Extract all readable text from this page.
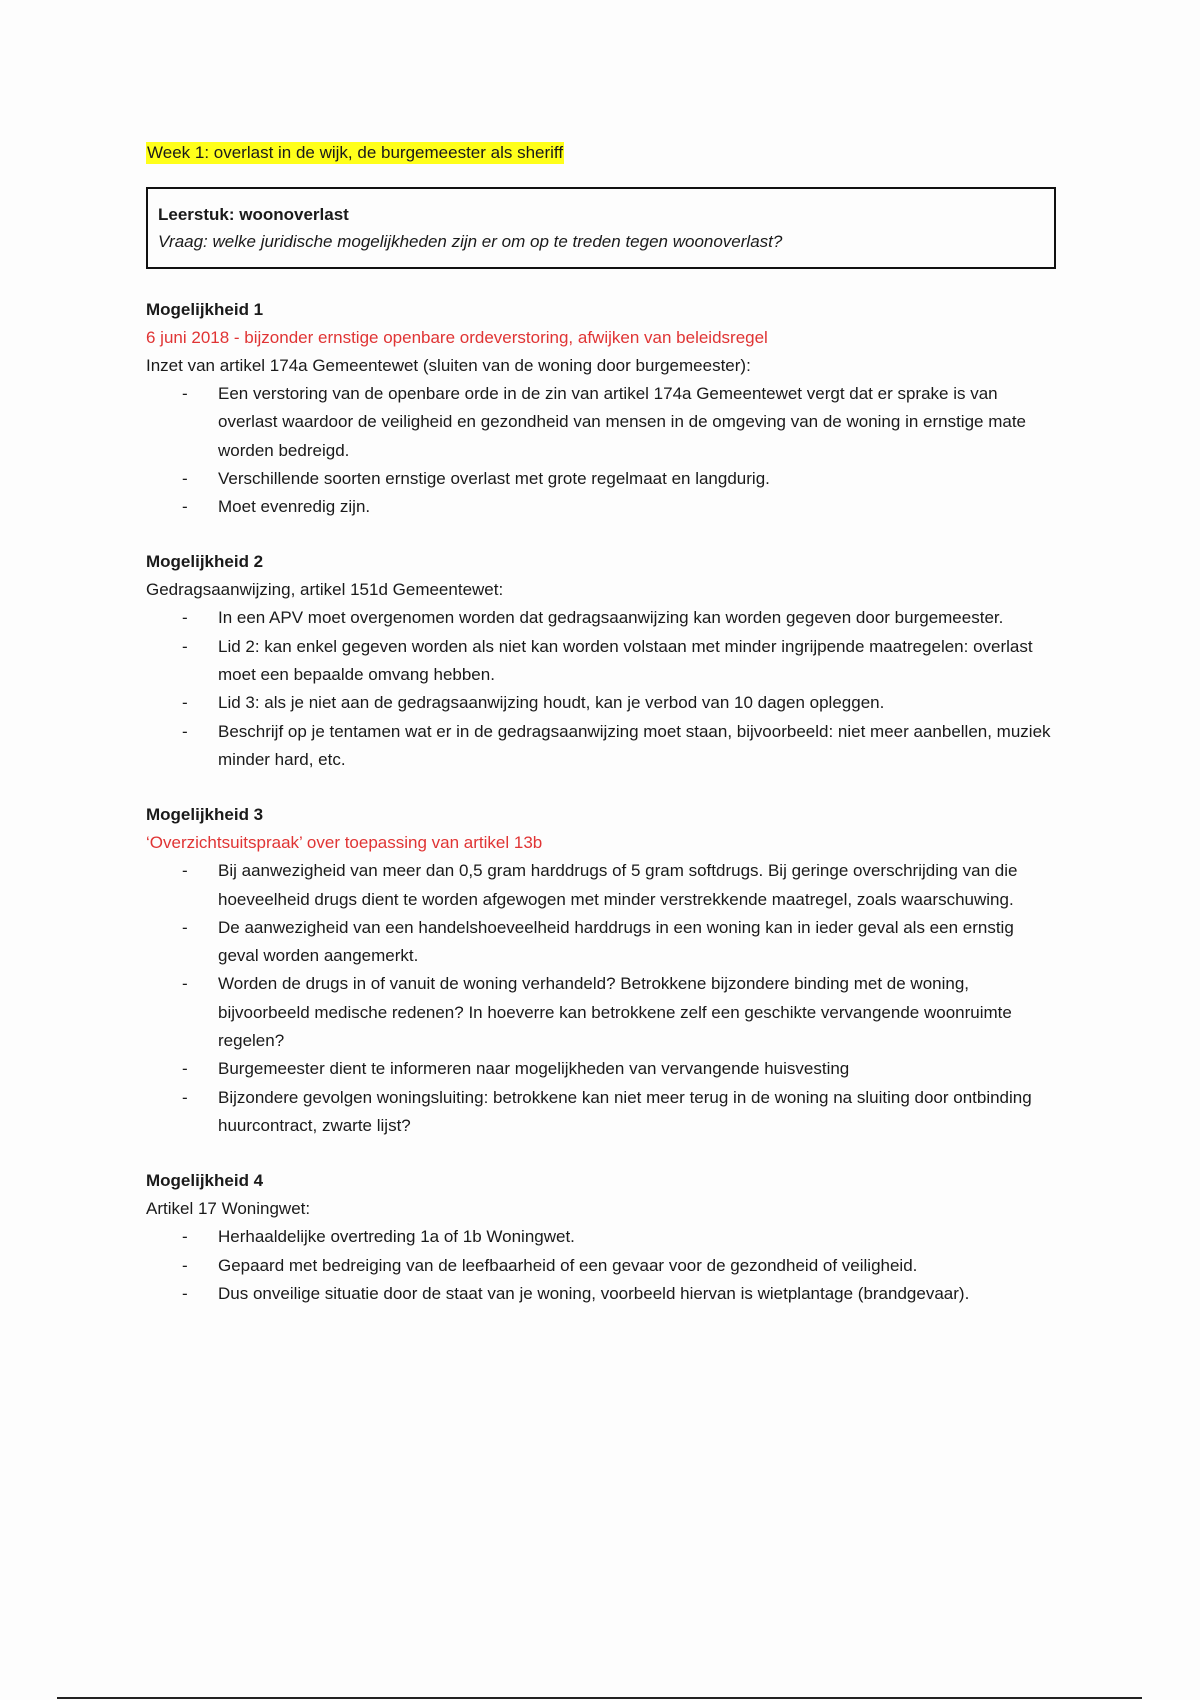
Week 1: overlast in de wijk, de burgemeester als sheriff
Leerstuk: woonoverlast
Vraag: welke juridische mogelijkheden zijn er om op te treden tegen woonoverlast?
Mogelijkheid 1
6 juni 2018 - bijzonder ernstige openbare ordeverstoring, afwijken van beleidsregel
Inzet van artikel 174a Gemeentewet (sluiten van de woning door burgemeester):
- Een verstoring van de openbare orde in de zin van artikel 174a Gemeentewet vergt dat er sprake is van overlast waardoor de veiligheid en gezondheid van mensen in de omgeving van de woning in ernstige mate worden bedreigd.
- Verschillende soorten ernstige overlast met grote regelmaat en langdurig.
- Moet evenredig zijn.
Mogelijkheid 2
Gedragsaanwijzing, artikel 151d Gemeentewet:
- In een APV moet overgenomen worden dat gedragsaanwijzing kan worden gegeven door burgemeester.
- Lid 2: kan enkel gegeven worden als niet kan worden volstaan met minder ingrijpende maatregelen: overlast moet een bepaalde omvang hebben.
- Lid 3: als je niet aan de gedragsaanwijzing houdt, kan je verbod van 10 dagen opleggen.
- Beschrijf op je tentamen wat er in de gedragsaanwijzing moet staan, bijvoorbeeld: niet meer aanbellen, muziek minder hard, etc.
Mogelijkheid 3
‘Overzichtsuitspraak’ over toepassing van artikel 13b
- Bij aanwezigheid van meer dan 0,5 gram harddrugs of 5 gram softdrugs. Bij geringe overschrijding van die hoeveelheid drugs dient te worden afgewogen met minder verstrekkende maatregel, zoals waarschuwing.
- De aanwezigheid van een handelshoeveelheid harddrugs in een woning kan in ieder geval als een ernstig geval worden aangemerkt.
- Worden de drugs in of vanuit de woning verhandeld? Betrokkene bijzondere binding met de woning, bijvoorbeeld medische redenen? In hoeverre kan betrokkene zelf een geschikte vervangende woonruimte regelen?
- Burgemeester dient te informeren naar mogelijkheden van vervangende huisvesting
- Bijzondere gevolgen woningsluiting: betrokkene kan niet meer terug in de woning na sluiting door ontbinding huurcontract, zwarte lijst?
Mogelijkheid 4
Artikel 17 Woningwet:
- Herhaaldelijke overtreding 1a of 1b Woningwet.
- Gepaard met bedreiging van de leefbaarheid of een gevaar voor de gezondheid of veiligheid.
- Dus onveilige situatie door de staat van je woning, voorbeeld hiervan is wietplantage (brandgevaar).
